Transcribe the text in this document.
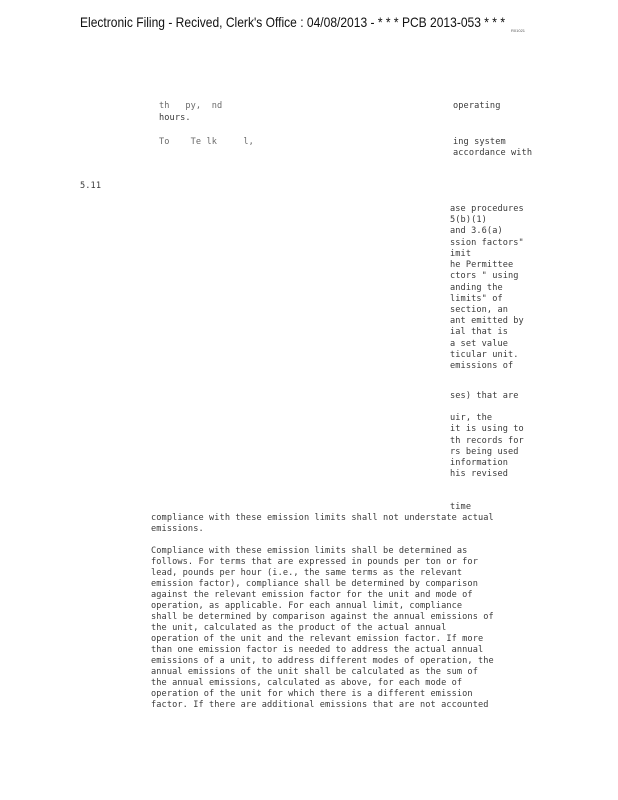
Electronic Filing - Recived, Clerk's Office : 04/08/2013 - * * * PCB 2013-053 * * *
R01021
th   py,  nd	operating
hours.
To    Te lk     l,	ing system
accordance with
5.11
ase procedures
5(b)(1)
and 3.6(a)
ssion factors"
imit
he Permittee
ctors " using
anding the
limits" of
section, an
ant emitted by
ial that is
a set value
ticular unit.
emissions of
ses) that are
uir, the
it is using to
th records for
rs being used
information
his revised
time
compliance with these emission limits shall not understate actual
emissions.
Compliance with these emission limits shall be determined as
follows. For terms that are expressed in pounds per ton or for
lead, pounds per hour (i.e., the same terms as the relevant
emission factor), compliance shall be determined by comparison
against the relevant emission factor for the unit and mode of
operation, as applicable. For each annual limit, compliance
shall be determined by comparison against the annual emissions of
the unit, calculated as the product of the actual annual
operation of the unit and the relevant emission factor. If more
than one emission factor is needed to address the actual annual
emissions of a unit, to address different modes of operation, the
annual emissions of the unit shall be calculated as the sum of
the annual emissions, calculated as above, for each mode of
operation of the unit for which there is a different emission
factor. If there are additional emissions that are not accounted
